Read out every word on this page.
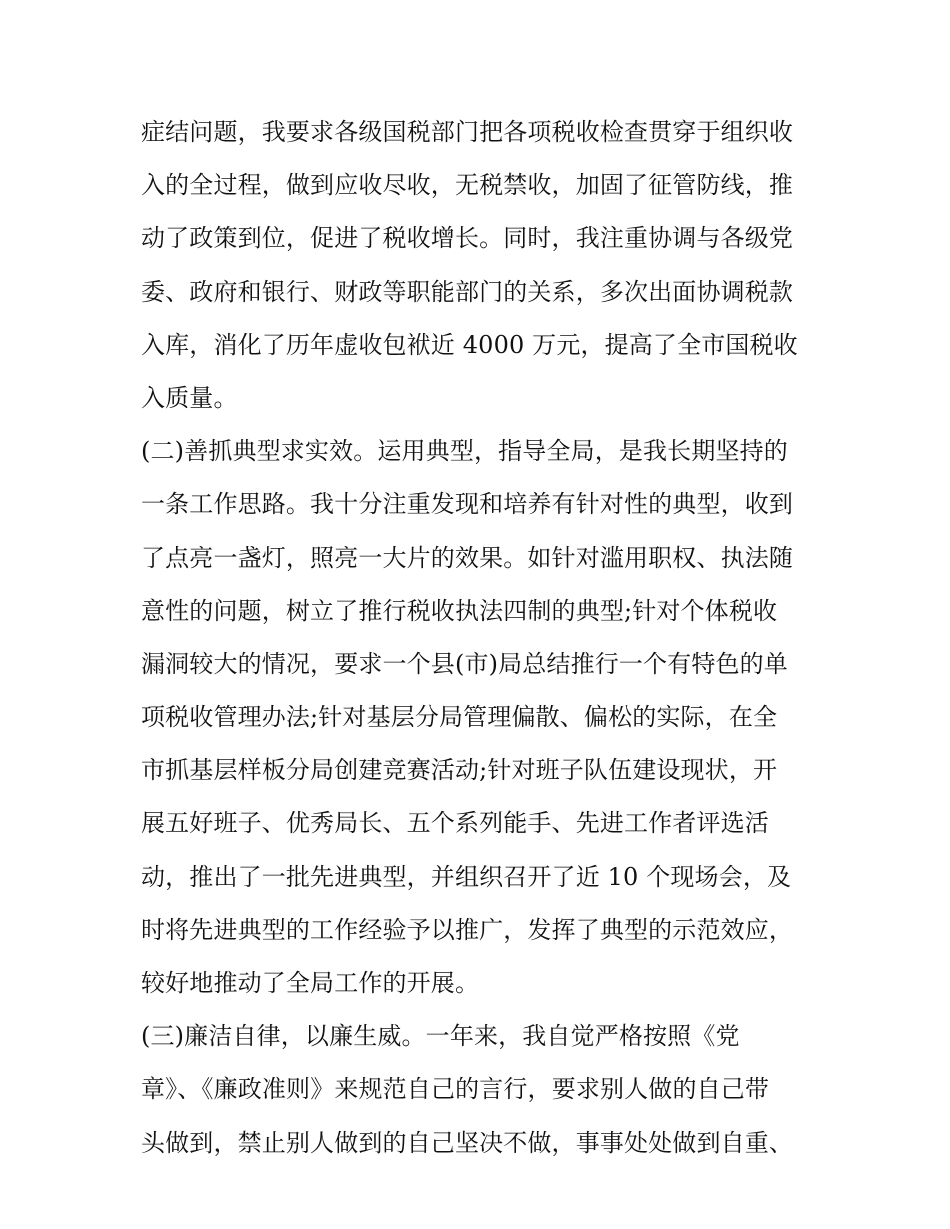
症结问题，我要求各级国税部门把各项税收检查贯穿于组织收
入的全过程，做到应收尽收，无税禁收，加固了征管防线，推
动了政策到位，促进了税收增长。同时，我注重协调与各级党
委、政府和银行、财政等职能部门的关系，多次出面协调税款
入库，消化了历年虚收包袱近 4000 万元，提高了全市国税收
入质量。
(二)善抓典型求实效。运用典型，指导全局，是我长期坚持的
一条工作思路。我十分注重发现和培养有针对性的典型，收到
了点亮一盏灯，照亮一大片的效果。如针对滥用职权、执法随
意性的问题，树立了推行税收执法四制的典型;针对个体税收
漏洞较大的情况，要求一个县(市)局总结推行一个有特色的单
项税收管理办法;针对基层分局管理偏散、偏松的实际，在全
市抓基层样板分局创建竞赛活动;针对班子队伍建设现状，开
展五好班子、优秀局长、五个系列能手、先进工作者评选活
动，推出了一批先进典型，并组织召开了近 10 个现场会，及
时将先进典型的工作经验予以推广，发挥了典型的示范效应，
较好地推动了全局工作的开展。
(三)廉洁自律，以廉生威。一年来，我自觉严格按照《党
章》、《廉政准则》来规范自己的言行，要求别人做的自己带
头做到，禁止别人做到的自己坚决不做，事事处处做到自重、
